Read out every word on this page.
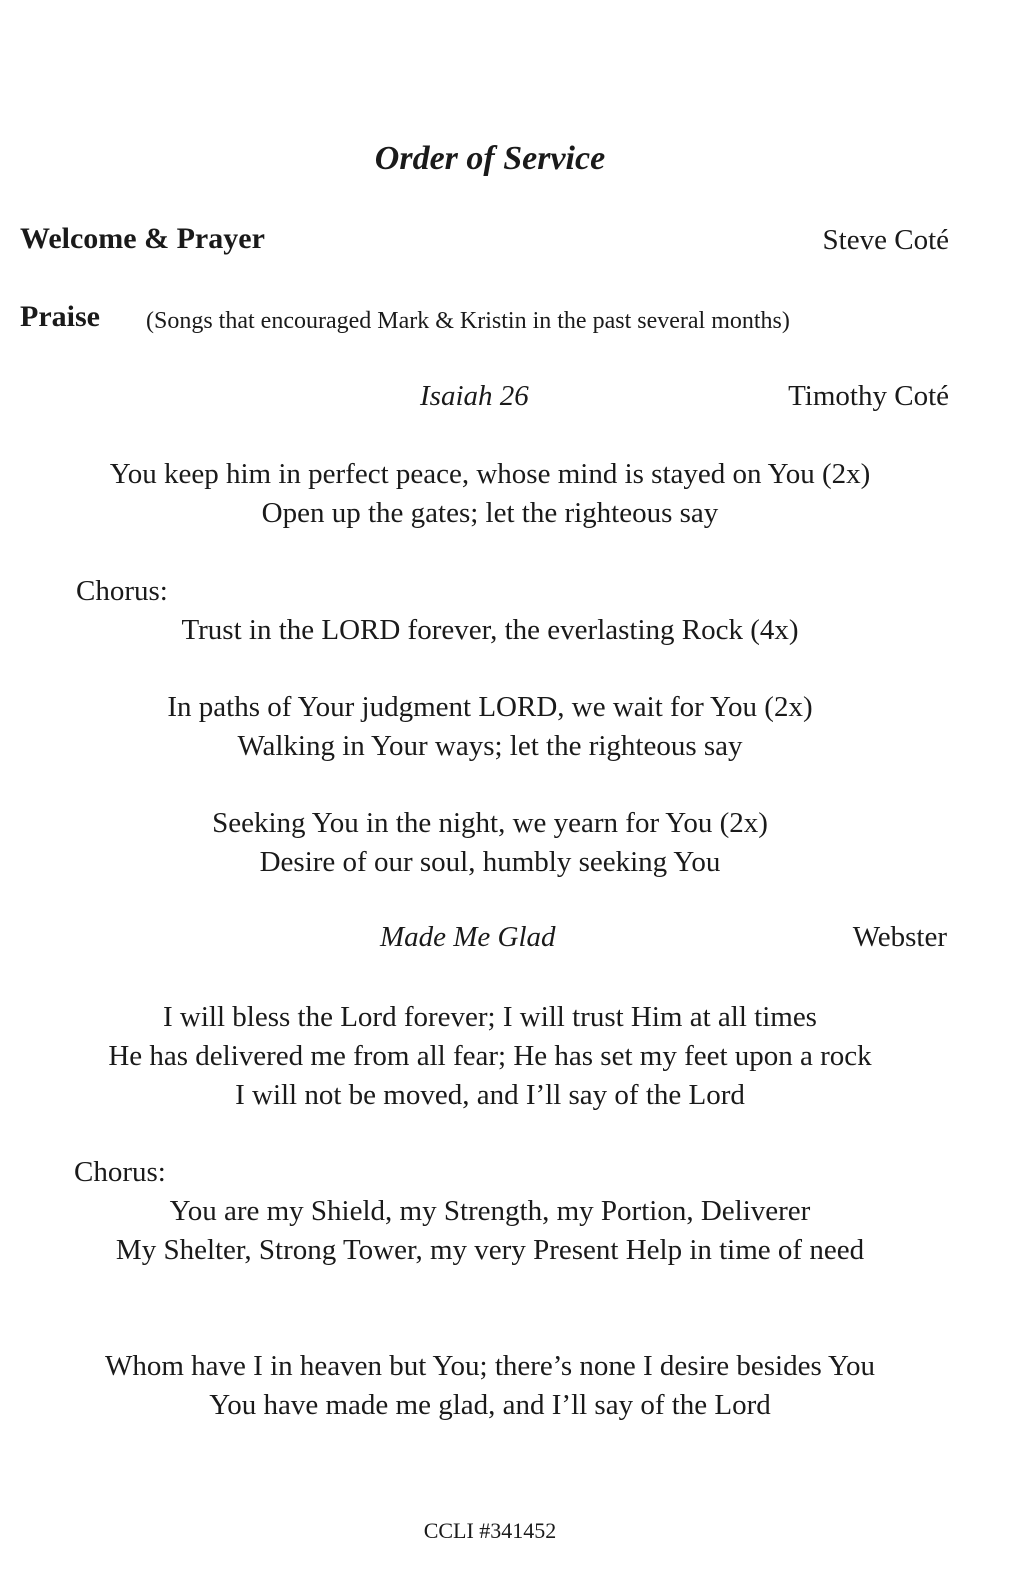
Order of Service
Welcome & Prayer	Steve Coté
Praise (Songs that encouraged Mark & Kristin in the past several months)
Isaiah 26	Timothy Coté
You keep him in perfect peace, whose mind is stayed on You (2x)
Open up the gates; let the righteous say
Chorus:
Trust in the LORD forever, the everlasting Rock (4x)
In paths of Your judgment LORD, we wait for You (2x)
Walking in Your ways; let the righteous say
Seeking You in the night, we yearn for You (2x)
Desire of our soul, humbly seeking You
Made Me Glad	Webster
I will bless the Lord forever; I will trust Him at all times
He has delivered me from all fear; He has set my feet upon a rock
I will not be moved, and I’ll say of the Lord
Chorus:
You are my Shield, my Strength, my Portion, Deliverer
My Shelter, Strong Tower, my very Present Help in time of need
Whom have I in heaven but You; there’s none I desire besides You
You have made me glad, and I’ll say of the Lord
CCLI #341452
